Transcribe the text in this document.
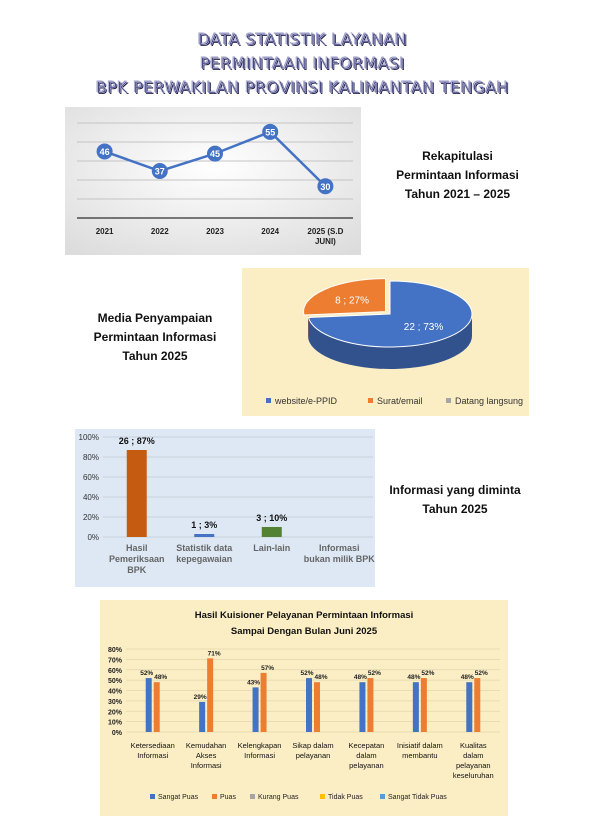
DATA STATISTIK LAYANAN
PERMINTAAN INFORMASI
BPK PERWAKILAN PROVINSI KALIMANTAN TENGAH
46
37
45
55
30
2021	2022	2023	2024	2025 (S.D
JUNI)
Rekapitulasi
Permintaan Informasi
Tahun 2021 – 2025
Media Penyampaian
Permintaan Informasi
Tahun 2025
22 ; 73%
8 ; 27%
website/e-PPID	Surat/email	Datang langsung
0%
20%
40%
60%
80%
100% 26 ; 87%
Hasil
Pemeriksaan
BPK
1 ; 3%
Statistik data
kepegawaian
3 ; 10%
Lain-lain	Informasi
bukan milik BPK
Informasi yang diminta
Tahun 2025
Hasil Kuisioner Pelayanan Permintaan Informasi
Sampai Dengan Bulan Juni 2025
0%
10%
20%
30%
40%
50%
60%
70%
80%
52%
48%
Ketersediaan
Informasi
29%
71%
Kemudahan
Akses
Informasi
43%
57%
Kelengkapan
Informasi
52%
48%
Sikap dalam
pelayanan
48%
52%
Kecepatan
dalam
pelayanan
48%
52%
Inisiatif dalam
membantu
48%
52%
Kualitas
dalam
pelayanan
keseluruhan
Sangat Puas	Puas	Kurang Puas	Tidak Puas	Sangat Tidak Puas
